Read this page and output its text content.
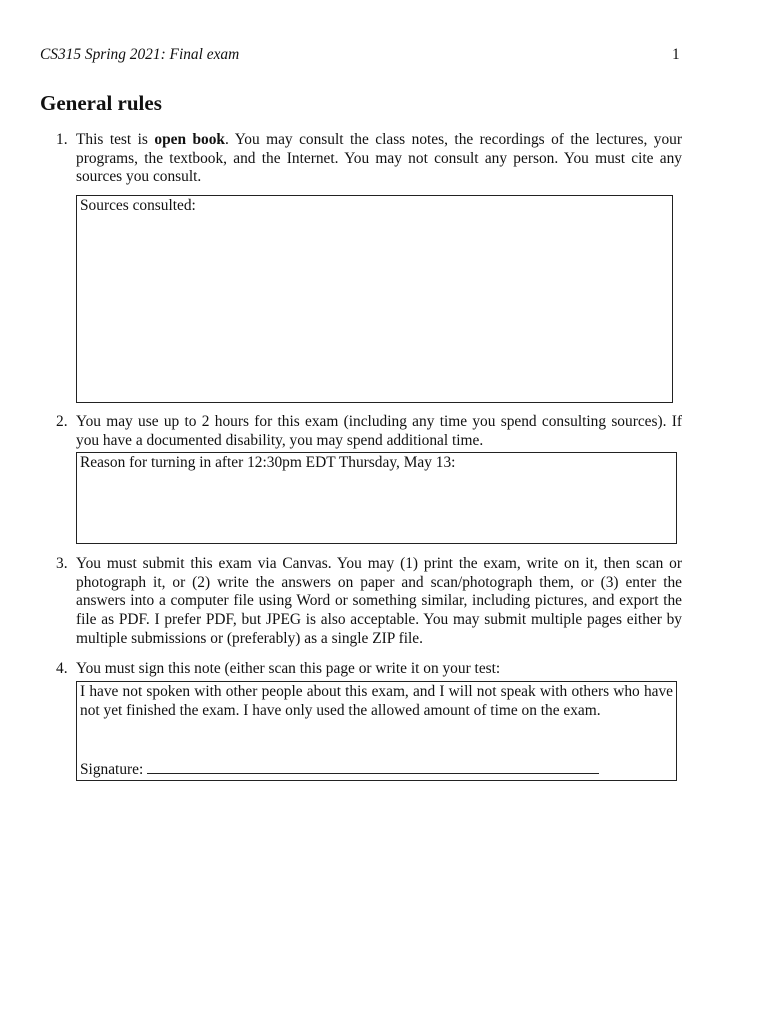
CS315 Spring 2021: Final exam	1
General rules
1. This test is open book. You may consult the class notes, the recordings of the lectures, your programs, the textbook, and the Internet. You may not consult any person. You must cite any sources you consult.

Sources consulted:
2. You may use up to 2 hours for this exam (including any time you spend consulting sources). If you have a documented disability, you may spend additional time.

Reason for turning in after 12:30pm EDT Thursday, May 13:
3. You must submit this exam via Canvas. You may (1) print the exam, write on it, then scan or photograph it, or (2) write the answers on paper and scan/photograph them, or (3) enter the answers into a computer file using Word or something similar, including pictures, and export the file as PDF. I prefer PDF, but JPEG is also acceptable. You may submit multiple pages either by multiple submissions or (preferably) as a single ZIP file.

4. You must sign this note (either scan this page or write it on your test:

I have not spoken with other people about this exam, and I will not speak with others who have not yet finished the exam. I have only used the allowed amount of time on the exam.
Signature:
